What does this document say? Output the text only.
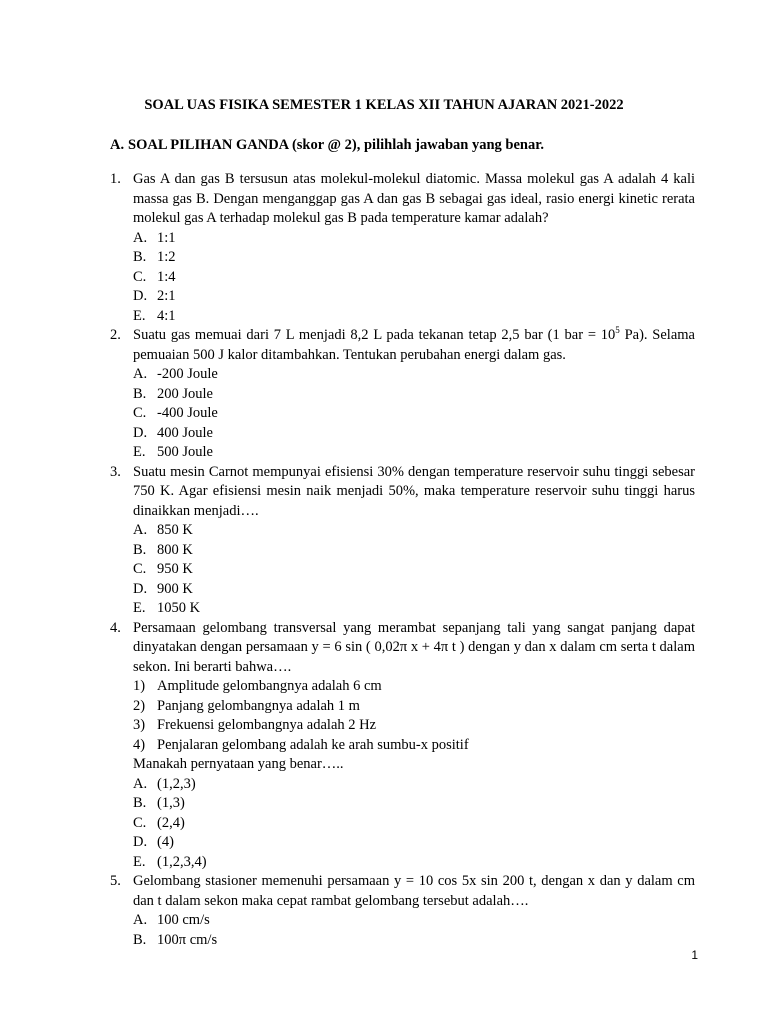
SOAL UAS FISIKA SEMESTER 1 KELAS XII TAHUN AJARAN 2021-2022
A. SOAL PILIHAN GANDA (skor @ 2), pilihlah jawaban yang benar.
1. Gas A dan gas B tersusun atas molekul-molekul diatomic. Massa molekul gas A adalah 4 kali massa gas B. Dengan menganggap gas A dan gas B sebagai gas ideal, rasio energi kinetic rerata molekul gas A terhadap molekul gas B pada temperature kamar adalah?
A. 1:1
B. 1:2
C. 1:4
D. 2:1
E. 4:1
2. Suatu gas memuai dari 7 L menjadi 8,2 L pada tekanan tetap 2,5 bar (1 bar = $10^5$ Pa). Selama pemuaian 500 J kalor ditambahkan. Tentukan perubahan energi dalam gas.
A. -200 Joule
B. 200 Joule
C. -400 Joule
D. 400 Joule
E. 500 Joule
3. Suatu mesin Carnot mempunyai efisiensi 30% dengan temperature reservoir suhu tinggi sebesar 750 K. Agar efisiensi mesin naik menjadi 50%, maka temperature reservoir suhu tinggi harus dinaikkan menjadi….
A. 850 K
B. 800 K
C. 950 K
D. 900 K
E. 1050 K
4. Persamaan gelombang transversal yang merambat sepanjang tali yang sangat panjang dapat dinyatakan dengan persamaan y = 6 sin ( 0,02π x + 4π t ) dengan y dan x dalam cm serta t dalam sekon. Ini berarti bahwa….
1) Amplitude gelombangnya adalah 6 cm
2) Panjang gelombangnya adalah 1 m
3) Frekuensi gelombangnya adalah 2 Hz
4) Penjalaran gelombang adalah ke arah sumbu-x positif
Manakah pernyataan yang benar…..
A. (1,2,3)
B. (1,3)
C. (2,4)
D. (4)
E. (1,2,3,4)
5. Gelombang stasioner memenuhi persamaan y = 10 cos 5x sin 200 t, dengan x dan y dalam cm dan t dalam sekon maka cepat rambat gelombang tersebut adalah….
A. 100 cm/s
B. 100π cm/s
1
